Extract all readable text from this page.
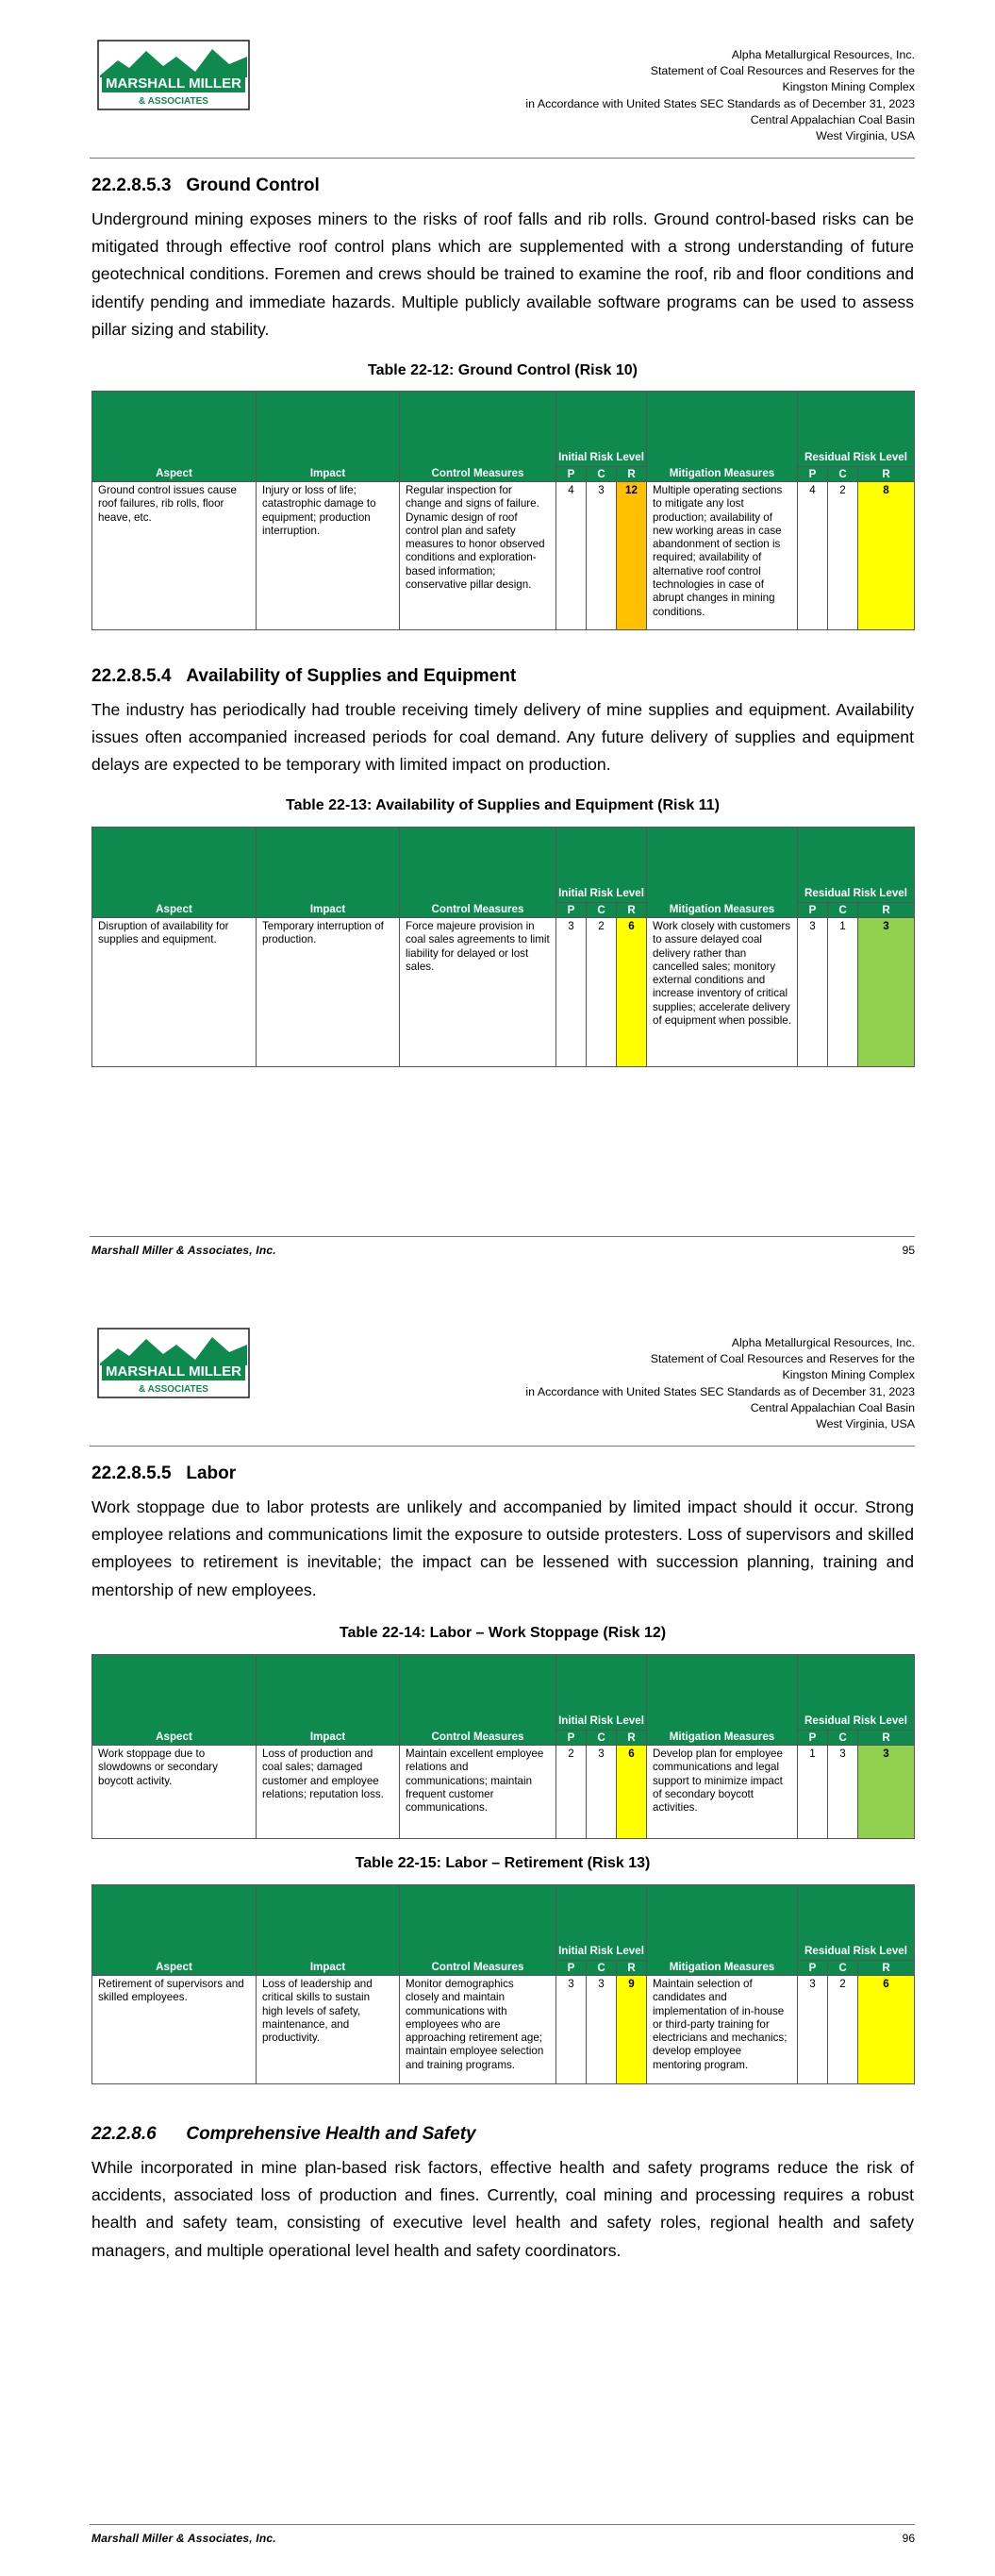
MARSHALL MILLER
& ASSOCIATES
Alpha Metallurgical Resources, Inc.
Statement of Coal Resources and Reserves for the
Kingston Mining Complex
in Accordance with United States SEC Standards as of December 31, 2023
Central Appalachian Coal Basin
West Virginia, USA
22.2.8.5.3 Ground Control

Underground mining exposes miners to the risks of roof falls and rib rolls. Ground control-based risks can be mitigated through effective roof control plans which are supplemented with a strong understanding of future geotechnical conditions. Foremen and crews should be trained to examine the roof, rib and floor conditions and identify pending and immediate hazards. Multiple publicly available software programs can be used to assess pillar sizing and stability.

Table 22-12: Ground Control (Risk 10)

Aspect	Impact	Control Measures	Initial Risk Level			Mitigation Measures	Residual Risk Level		
			P	C	R		P	C	R
Ground control issues cause roof failures, rib rolls, floor heave, etc.	Injury or loss of life; catastrophic damage to equipment; production interruption.	Regular inspection for change and signs of failure. Dynamic design of roof control plan and safety measures to honor observed conditions and exploration-based information; conservative pillar design.	4	3	12	Multiple operating sections to mitigate any lost production; availability of new working areas in case abandonment of section is required; availability of alternative roof control technologies in case of abrupt changes in mining conditions.	4	2	8
22.2.8.5.4 Availability of Supplies and Equipment

The industry has periodically had trouble receiving timely delivery of mine supplies and equipment. Availability issues often accompanied increased periods for coal demand. Any future delivery of supplies and equipment delays are expected to be temporary with limited impact on production.

Table 22-13: Availability of Supplies and Equipment (Risk 11)

Aspect	Impact	Control Measures	Initial Risk Level			Mitigation Measures	Residual Risk Level		
			P	C	R		P	C	R
Disruption of availability for supplies and equipment.	Temporary interruption of production.	Force majeure provision in coal sales agreements to limit liability for delayed or lost sales.	3	2	6	Work closely with customers to assure delayed coal delivery rather than cancelled sales; monitory external conditions and increase inventory of critical supplies; accelerate delivery of equipment when possible.	3	1	3
Marshall Miller & Associates, Inc.	95
MARSHALL MILLER
& ASSOCIATES
Alpha Metallurgical Resources, Inc.
Statement of Coal Resources and Reserves for the
Kingston Mining Complex
in Accordance with United States SEC Standards as of December 31, 2023
Central Appalachian Coal Basin
West Virginia, USA
22.2.8.5.5 Labor

Work stoppage due to labor protests are unlikely and accompanied by limited impact should it occur. Strong employee relations and communications limit the exposure to outside protesters. Loss of supervisors and skilled employees to retirement is inevitable; the impact can be lessened with succession planning, training and mentorship of new employees.

Table 22-14: Labor – Work Stoppage (Risk 12)

Aspect	Impact	Control Measures	Initial Risk Level			Mitigation Measures	Residual Risk Level		
			P	C	R		P	C	R
Work stoppage due to slowdowns or secondary boycott activity.	Loss of production and coal sales; damaged customer and employee relations; reputation loss.	Maintain excellent employee relations and communications; maintain frequent customer communications.	2	3	6	Develop plan for employee communications and legal support to minimize impact of secondary boycott activities.	1	3	3

Table 22-15: Labor – Retirement (Risk 13)

Aspect	Impact	Control Measures	Initial Risk Level			Mitigation Measures	Residual Risk Level		
			P	C	R		P	C	R
Retirement of supervisors and skilled employees.	Loss of leadership and critical skills to sustain high levels of safety, maintenance, and productivity.	Monitor demographics closely and maintain communications with employees who are approaching retirement age; maintain employee selection and training programs.	3	3	9	Maintain selection of candidates and implementation of in-house or third-party training for electricians and mechanics; develop employee mentoring program.	3	2	6
22.2.8.6 Comprehensive Health and Safety

While incorporated in mine plan-based risk factors, effective health and safety programs reduce the risk of accidents, associated loss of production and fines. Currently, coal mining and processing requires a robust health and safety team, consisting of executive level health and safety roles, regional health and safety managers, and multiple operational level health and safety coordinators.

Marshall Miller & Associates, Inc.	96
